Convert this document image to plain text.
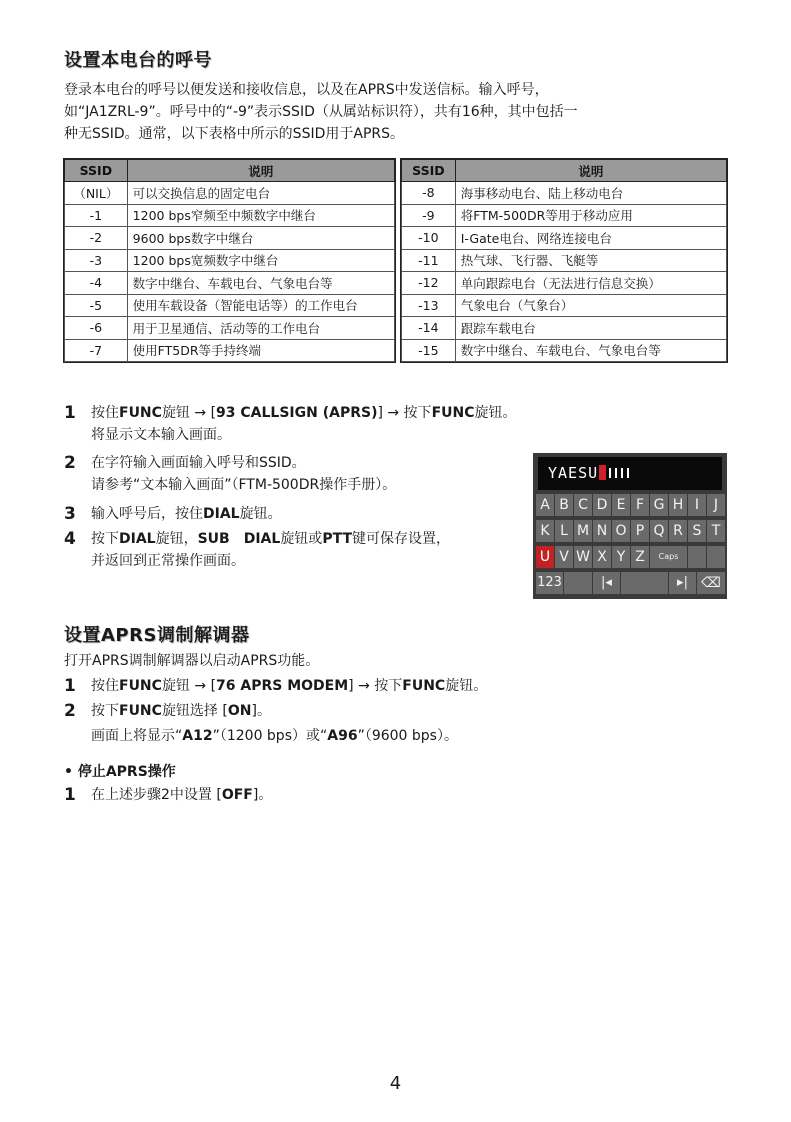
设置本电台的呼号
登录本电台的呼号以便发送和接收信息，以及在APRS中发送信标。输入呼号，
如“JA1ZRL-9”。呼号中的“-9”表示SSID（从属站标识符），共有16种，其中包括一
种无SSID。通常，以下表格中所示的SSID用于APRS。
SSID	说明
（NIL）	可以交换信息的固定电台
-1	1200 bps窄频至中频数字中继台
-2	9600 bps数字中继台
-3	1200 bps宽频数字中继台
-4	数字中继台、车载电台、气象电台等
-5	使用车载设备（智能电话等）的工作电台
-6	用于卫星通信、活动等的工作电台
-7	使用FT5DR等手持终端
SSID	说明
-8	海事移动电台、陆上移动电台
-9	将FTM-500DR等用于移动应用
-10	I-Gate电台、网络连接电台
-11	热气球、飞行器、飞艇等
-12	单向跟踪电台（无法进行信息交换）
-13	气象电台（气象台）
-14	跟踪车载电台
-15	数字中继台、车载电台、气象电台等
1 按住FUNC旋钮 → [93 CALLSIGN (APRS)] → 按下FUNC旋钮。
将显示文本输入画面。
2 在字符输入画面输入呼号和SSID。
请参考“文本输入画面”（FTM-500DR操作手册）。
3 输入呼号后，按住DIAL旋钮。
4 按下DIAL旋钮，SUB　DIAL旋钮或PTT键可保存设置，
并返回到正常操作画面。
YAESU
A B C D E F G H I	J
K L M N O P Q R S T
U V W X Y Z	Caps
123	|◂	▸| ⌫
设置APRS调制解调器
打开APRS调制解调器以启动APRS功能。
1 按住FUNC旋钮 → [76 APRS MODEM] → 按下FUNC旋钮。
2 按下FUNC旋钮选择 [ON]。
画面上将显示“A12”（1200 bps）或“A96”（9600 bps）。
• 停止APRS操作
1 在上述步骤2中设置 [OFF]。
4
